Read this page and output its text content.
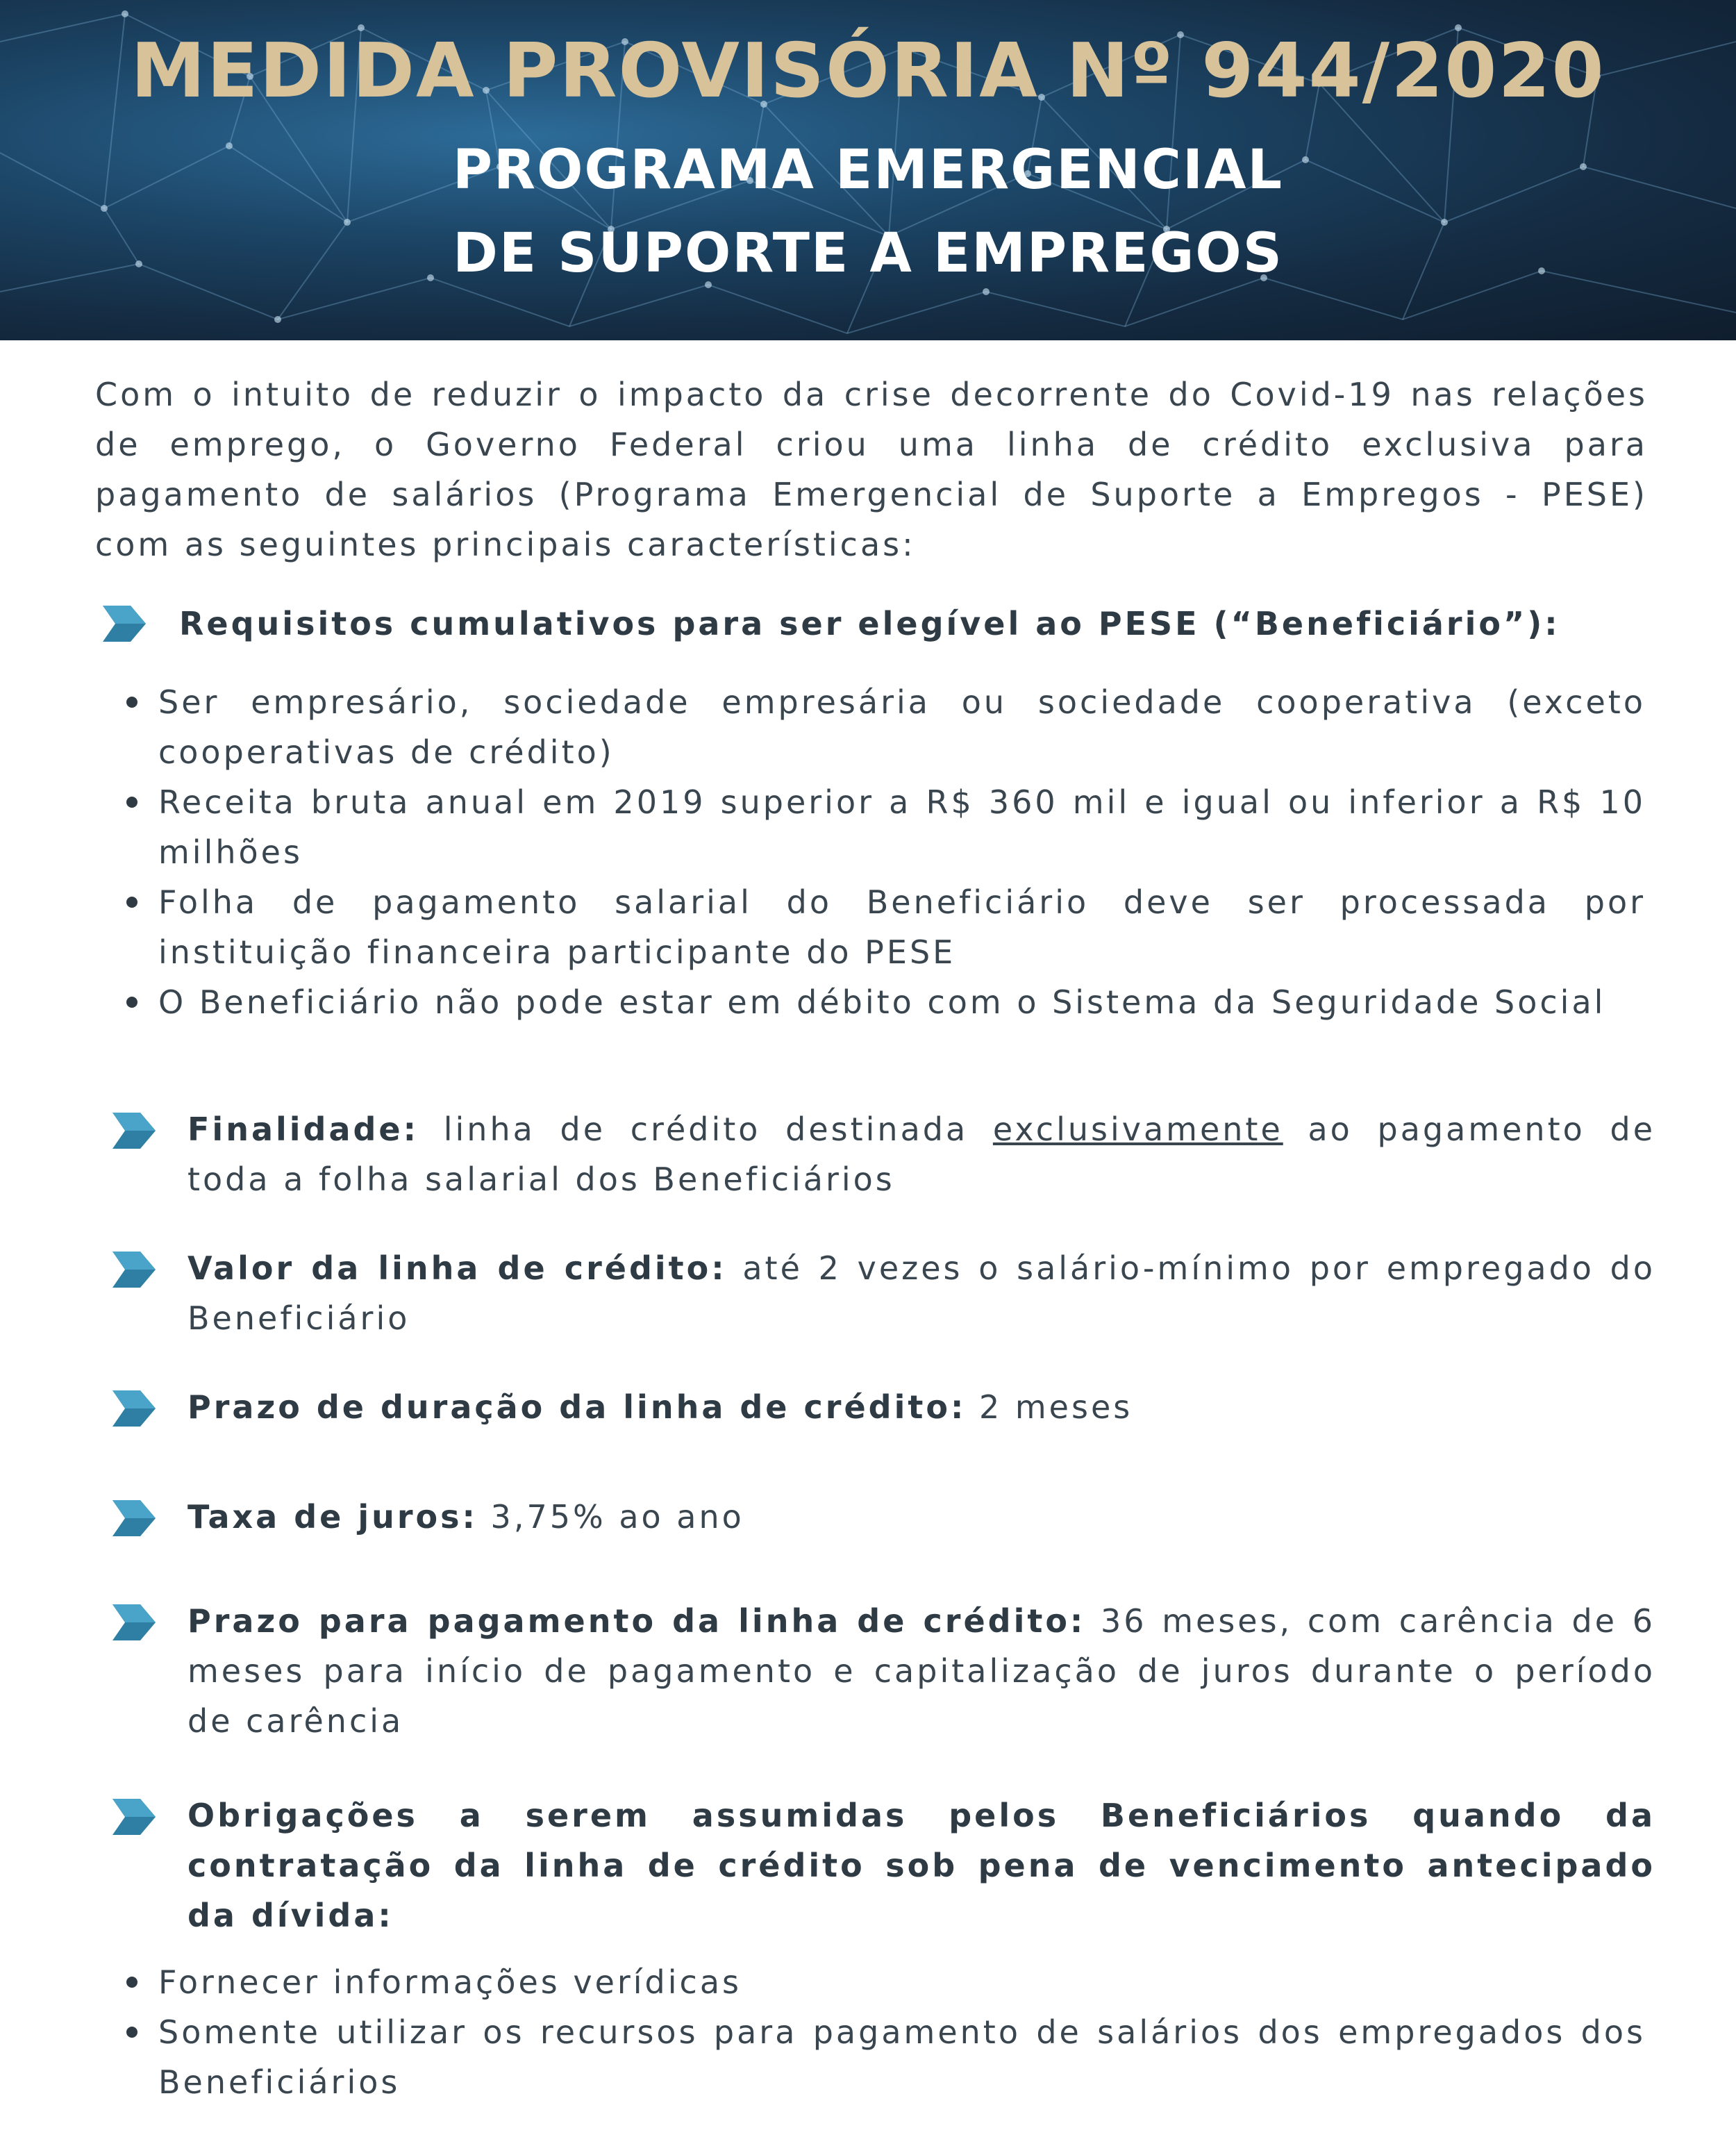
MEDIDA PROVISÓRIA Nº 944/2020
PROGRAMA EMERGENCIAL
DE SUPORTE A EMPREGOS
Com o intuito de reduzir o impacto da crise decorrente do Covid-19 nas relações de emprego, o Governo Federal criou uma linha de crédito exclusiva para pagamento de salários (Programa Emergencial de Suporte a Empregos - PESE) com as seguintes principais características:
Requisitos cumulativos para ser elegível ao PESE (“Beneficiário”):
Ser empresário, sociedade empresária ou sociedade cooperativa (exceto cooperativas de crédito)
Receita bruta anual em 2019 superior a R$ 360 mil e igual ou inferior a R$ 10 milhões
Folha de pagamento salarial do Beneficiário deve ser processada por instituição financeira participante do PESE
O Beneficiário não pode estar em débito com o Sistema da Seguridade Social
Finalidade: linha de crédito destinada exclusivamente ao pagamento de toda a folha salarial dos Beneficiários
Valor da linha de crédito: até 2 vezes o salário-mínimo por empregado do Beneficiário
Prazo de duração da linha de crédito: 2 meses
Taxa de juros: 3,75% ao ano
Prazo para pagamento da linha de crédito: 36 meses, com carência de 6 meses para início de pagamento e capitalização de juros durante o período de carência
Obrigações a serem assumidas pelos Beneficiários quando da contratação da linha de crédito sob pena de vencimento antecipado da dívida:
Fornecer informações verídicas
Somente utilizar os recursos para pagamento de salários dos empregados dos Beneficiários
